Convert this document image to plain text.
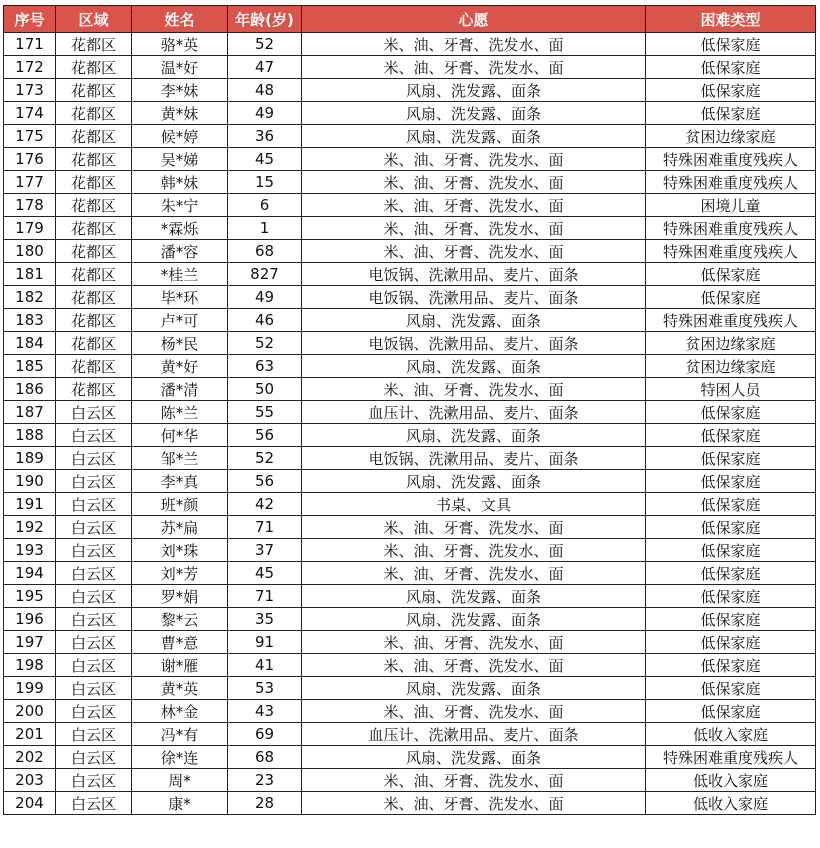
序号	区域	姓名	年龄(岁)	心愿	困难类型
171	花都区	骆*英	52	米、油、牙膏、洗发水、面	低保家庭
172	花都区	温*好	47	米、油、牙膏、洗发水、面	低保家庭
173	花都区	李*妹	48	风扇、洗发露、面条	低保家庭
174	花都区	黄*妹	49	风扇、洗发露、面条	低保家庭
175	花都区	候*婷	36	风扇、洗发露、面条	贫困边缘家庭
176	花都区	吴*娣	45	米、油、牙膏、洗发水、面	特殊困难重度残疾人
177	花都区	韩*妹	15	米、油、牙膏、洗发水、面	特殊困难重度残疾人
178	花都区	朱*宁	6	米、油、牙膏、洗发水、面	困境儿童
179	花都区	*霖烁	1	米、油、牙膏、洗发水、面	特殊困难重度残疾人
180	花都区	潘*容	68	米、油、牙膏、洗发水、面	特殊困难重度残疾人
181	花都区	*桂兰	827	电饭锅、洗漱用品、麦片、面条	低保家庭
182	花都区	毕*环	49	电饭锅、洗漱用品、麦片、面条	低保家庭
183	花都区	卢*可	46	风扇、洗发露、面条	特殊困难重度残疾人
184	花都区	杨*民	52	电饭锅、洗漱用品、麦片、面条	贫困边缘家庭
185	花都区	黄*好	63	风扇、洗发露、面条	贫困边缘家庭
186	花都区	潘*清	50	米、油、牙膏、洗发水、面	特困人员
187	白云区	陈*兰	55	血压计、洗漱用品、麦片、面条	低保家庭
188	白云区	何*华	56	风扇、洗发露、面条	低保家庭
189	白云区	邹*兰	52	电饭锅、洗漱用品、麦片、面条	低保家庭
190	白云区	李*真	56	风扇、洗发露、面条	低保家庭
191	白云区	班*颜	42	书桌、文具	低保家庭
192	白云区	苏*扁	71	米、油、牙膏、洗发水、面	低保家庭
193	白云区	刘*珠	37	米、油、牙膏、洗发水、面	低保家庭
194	白云区	刘*芳	45	米、油、牙膏、洗发水、面	低保家庭
195	白云区	罗*娟	71	风扇、洗发露、面条	低保家庭
196	白云区	黎*云	35	风扇、洗发露、面条	低保家庭
197	白云区	曹*意	91	米、油、牙膏、洗发水、面	低保家庭
198	白云区	谢*雁	41	米、油、牙膏、洗发水、面	低保家庭
199	白云区	黄*英	53	风扇、洗发露、面条	低保家庭
200	白云区	林*金	43	米、油、牙膏、洗发水、面	低保家庭
201	白云区	冯*有	69	血压计、洗漱用品、麦片、面条	低收入家庭
202	白云区	徐*连	68	风扇、洗发露、面条	特殊困难重度残疾人
203	白云区	周*	23	米、油、牙膏、洗发水、面	低收入家庭
204	白云区	康*	28	米、油、牙膏、洗发水、面	低收入家庭
